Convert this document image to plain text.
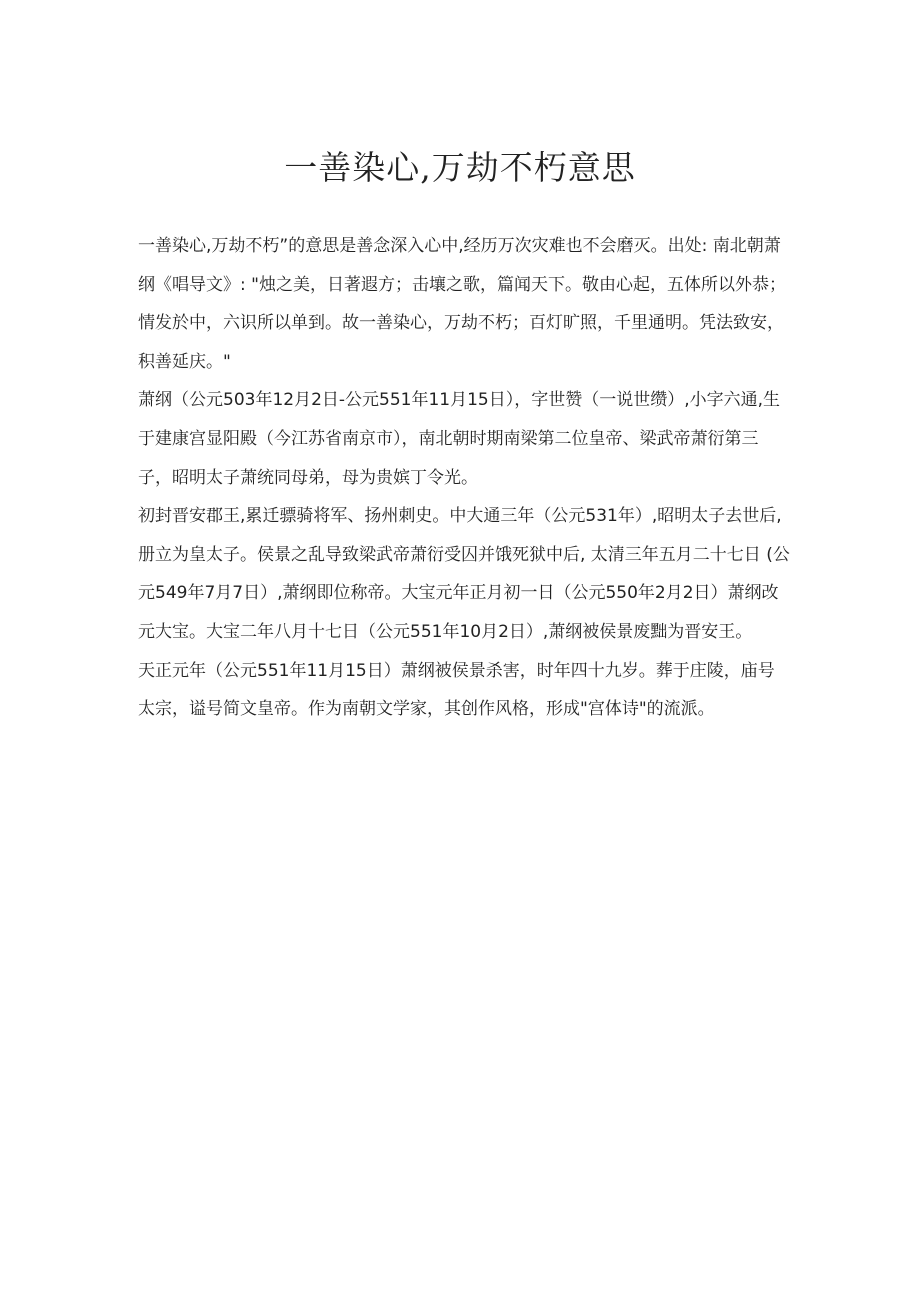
一善染心,万劫不朽意思

一善染心,万劫不朽”的意思是善念深入心中,经历万次灾难也不会磨灭。出处: 南北朝萧纲《唱导文》: "烛之美，日著遐方；击壤之歌，篇闻天下。敬由心起，五体所以外恭；情发於中，六识所以单到。故一善染心，万劫不朽；百灯旷照，千里通明。凭法致安，积善延庆。"

萧纲（公元503年12月2日-公元551年11月15日），字世赞（一说世缵）,小字六通,生于建康宫显阳殿（今江苏省南京市），南北朝时期南梁第二位皇帝、梁武帝萧衍第三子，昭明太子萧统同母弟，母为贵嫔丁令光。

初封晋安郡王,累迁骠骑将军、扬州刺史。中大通三年（公元531年）,昭明太子去世后,册立为皇太子。侯景之乱导致梁武帝萧衍受囚并饿死狱中后, 太清三年五月二十七日 (公元549年7月7日）,萧纲即位称帝。大宝元年正月初一日（公元550年2月2日）萧纲改元大宝。大宝二年八月十七日（公元551年10月2日）,萧纲被侯景废黜为晋安王。

天正元年（公元551年11月15日）萧纲被侯景杀害，时年四十九岁。葬于庄陵，庙号太宗，谥号简文皇帝。作为南朝文学家，其创作风格，形成"宫体诗"的流派。
